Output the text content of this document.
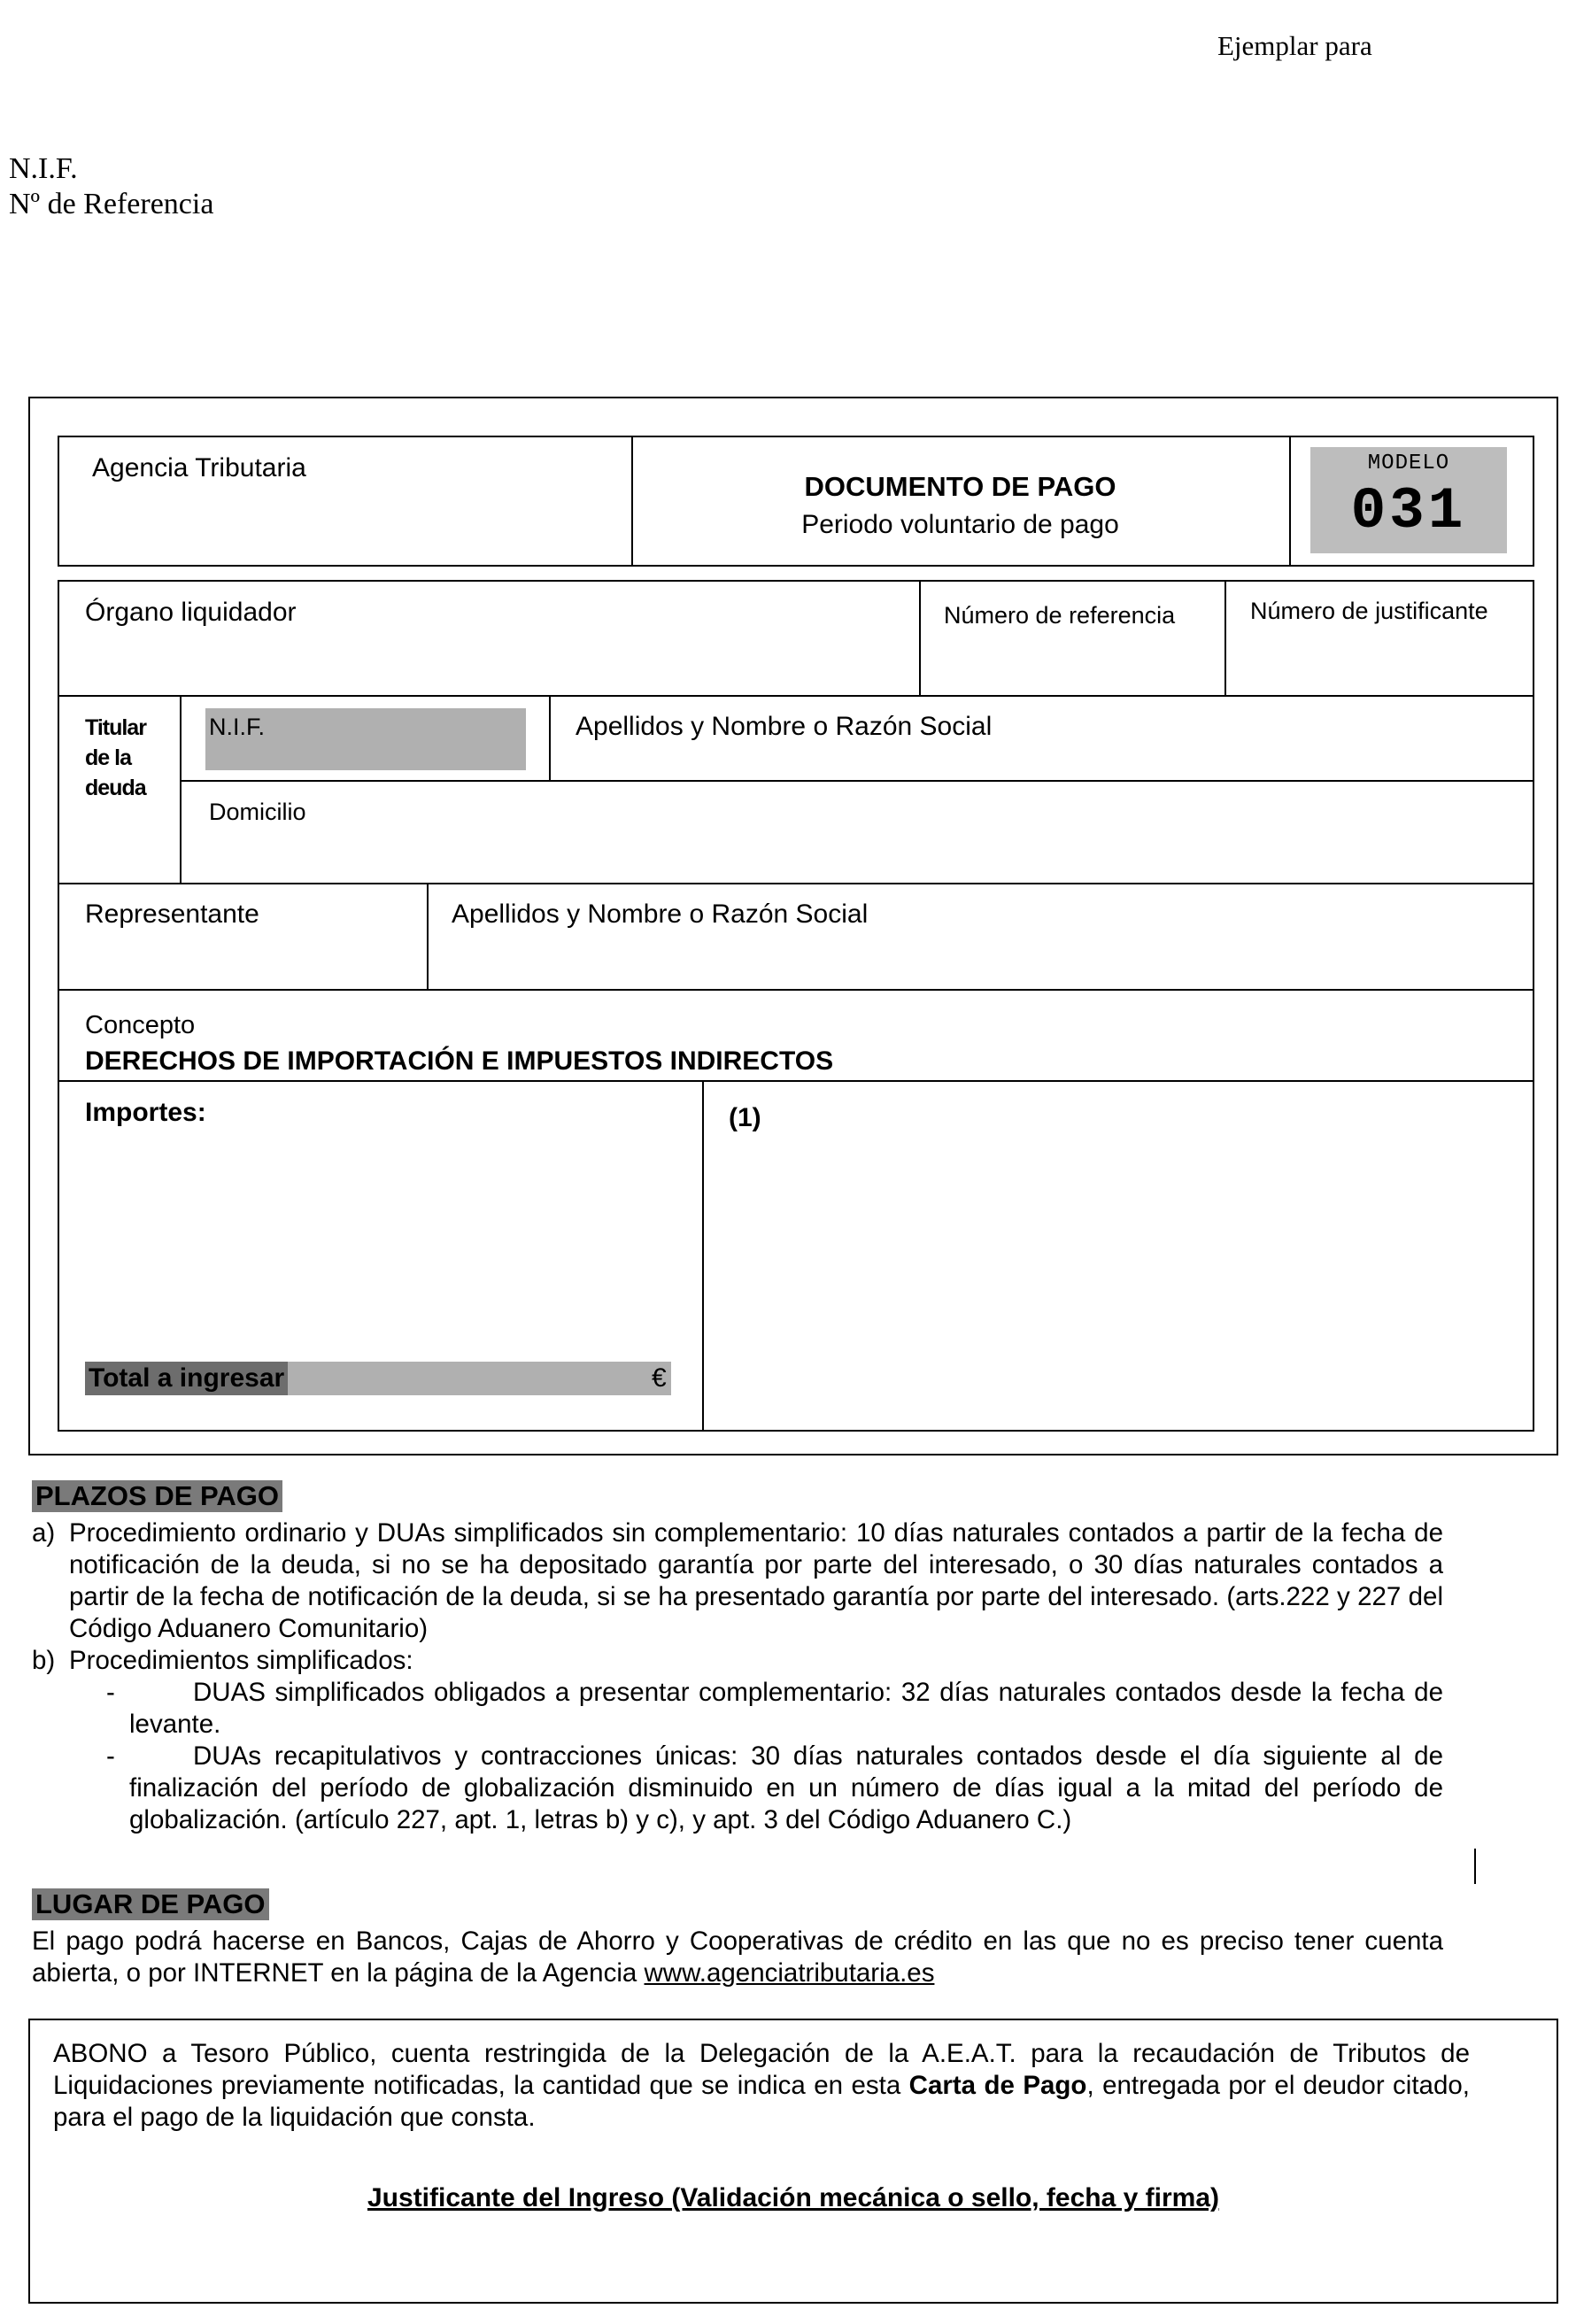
Ejemplar para
N.I.F.
Nº de Referencia
Agencia Tributaria
DOCUMENTO DE PAGO
Periodo voluntario de pago
MODELO
031
Órgano liquidador	Número de referencia	Número de justificante
Titular de la deuda
N.I.F.	Apellidos y Nombre o Razón Social
Domicilio
Representante	Apellidos y Nombre o Razón Social
Concepto
DERECHOS DE IMPORTACIÓN E IMPUESTOS INDIRECTOS
Importes:	(1)
Total a ingresar	€
PLAZOS DE PAGO
a) Procedimiento ordinario y DUAs simplificados sin complementario: 10 días naturales contados a partir de la fecha de notificación de la deuda, si no se ha depositado garantía por parte del interesado, o 30 días naturales contados a partir de la fecha de notificación de la deuda, si se ha presentado garantía por parte del interesado. (arts.222 y 227 del Código Aduanero Comunitario)
b) Procedimientos simplificados:
-	DUAS simplificados obligados a presentar complementario: 32 días naturales contados desde la fecha de levante.
-	DUAs recapitulativos y contracciones únicas: 30 días naturales contados desde el día siguiente al de finalización del período de globalización disminuido en un número de días igual a la mitad del período de globalización. (artículo 227, apt. 1, letras b) y c), y apt. 3 del Código Aduanero C.)
LUGAR DE PAGO
El pago podrá hacerse en Bancos, Cajas de Ahorro y Cooperativas de crédito en las que no es preciso tener cuenta abierta, o por INTERNET en la página de la Agencia www.agenciatributaria.es
ABONO a Tesoro Público, cuenta restringida de la Delegación de la A.E.A.T. para la recaudación de Tributos de Liquidaciones previamente notificadas, la cantidad que se indica en esta Carta de Pago, entregada por el deudor citado, para el pago de la liquidación que consta.
Justificante del Ingreso (Validación mecánica o sello, fecha y firma)
